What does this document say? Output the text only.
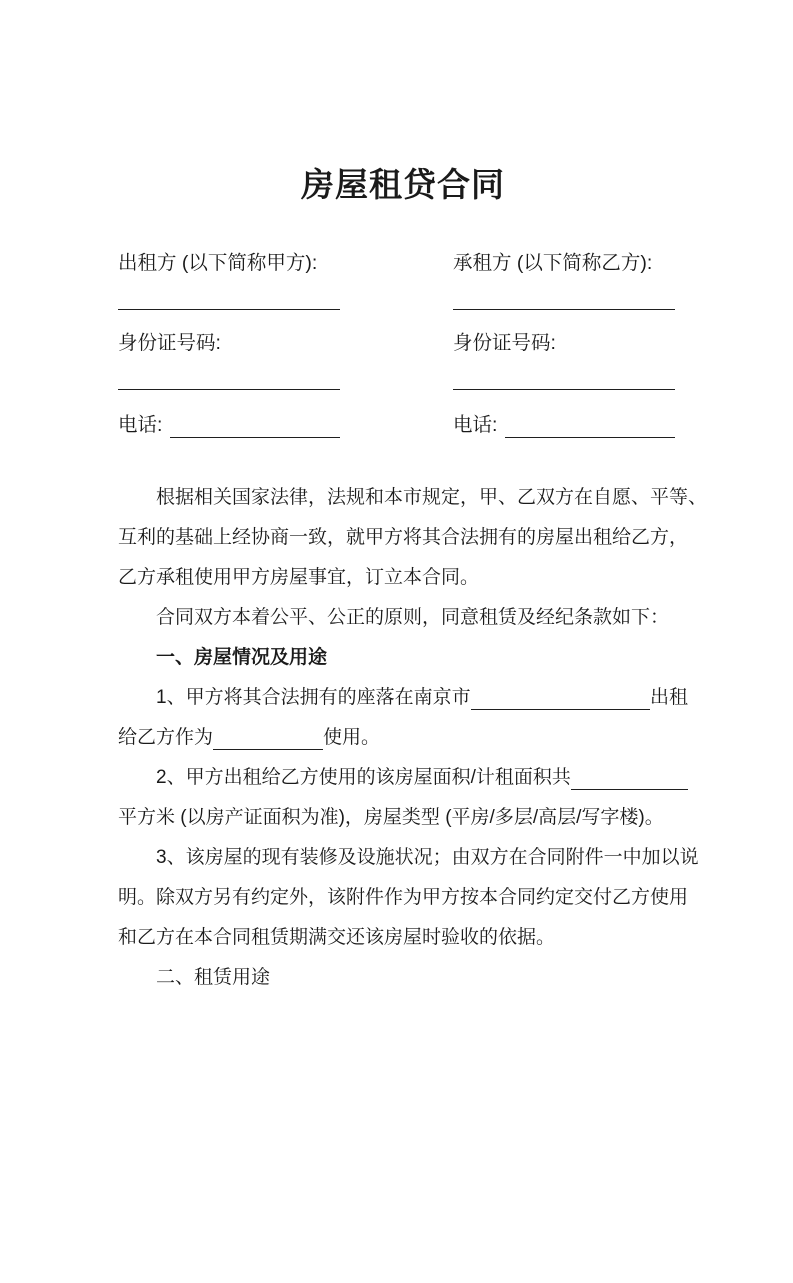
房屋租贷合同
出租方 (以下简称甲方):
身份证号码:
电话:
承租方 (以下简称乙方):
身份证号码:
电话:
根据相关国家法律，法规和本市规定，甲、乙双方在自愿、平等、
互利的基础上经协商一致，就甲方将其合法拥有的房屋出租给乙方，
乙方承租使用甲方房屋事宜，订立本合同。
合同双方本着公平、公正的原则，同意租赁及经纪条款如下：
一、房屋情况及用途
1、甲方将其合法拥有的座落在南京市	出租
给乙方作为	使用。
2、甲方出租给乙方使用的该房屋面积/计租面积共
平方米 (以房产证面积为准)，房屋类型 (平房/多层/高层/写字楼)。
3、该房屋的现有装修及设施状况；由双方在合同附件一中加以说
明。除双方另有约定外，该附件作为甲方按本合同约定交付乙方使用
和乙方在本合同租赁期满交还该房屋时验收的依据。
二、租赁用途
